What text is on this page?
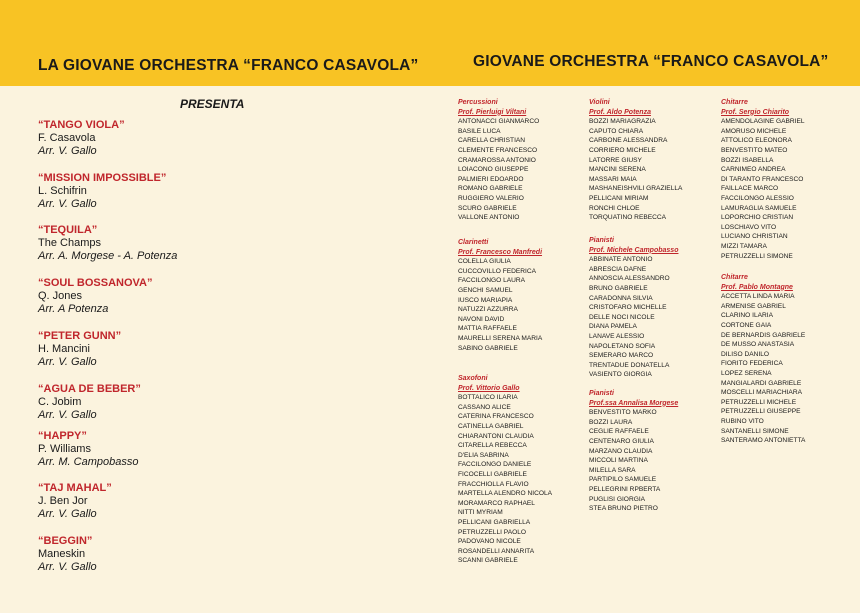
LA GIOVANE ORCHESTRA “FRANCO CASAVOLA”	GIOVANE ORCHESTRA “FRANCO CASAVOLA”
PRESENTA
“TANGO VIOLA”
F. Casavola
Arr. V. Gallo
“MISSION IMPOSSIBLE”
L. Schifrin
Arr. V. Gallo
“TEQUILA”
The Champs
Arr. A. Morgese - A. Potenza
“SOUL BOSSANOVA”
Q. Jones
Arr. A Potenza
“PETER GUNN”
H. Mancini
Arr. V. Gallo
“AGUA DE BEBER”
C. Jobim
Arr. V. Gallo
“HAPPY”
P. Williams
Arr. M. Campobasso
“TAJ MAHAL”
J. Ben Jor
Arr. V. Gallo
“BEGGIN”
Maneskin
Arr. V. Gallo
Percussioni
Prof. Pierluigi Viltani
ANTONACCI GIANMARCO
BASILE LUCA
CARELLA CHRISTIAN
CLEMENTE FRANCESCO
CRAMAROSSA ANTONIO
LOIACONO GIUSEPPE
PALMIERI EDOARDO
ROMANO GABRIELE
RUGGIERO VALERIO
SCURO GABRIELE
VALLONE ANTONIO
Clarinetti
Prof. Francesco Manfredi
COLELLA GIULIA
CUCCOVILLO FEDERICA
FACCILONGO LAURA
GENCHI SAMUEL
IUSCO MARIAPIA
NATUZZI AZZURRA
NAVONI DAVID
MATTIA RAFFAELE
MAURELLI SERENA MARIA
SABINO GABRIELE
Saxofoni
Prof. Vittorio Gallo
BOTTALICO ILARIA
CASSANO ALICE
CATERINA FRANCESCO
CATINELLA GABRIEL
CHIARANTONI CLAUDIA
CITARELLA REBECCA
D'ELIA SABRINA
FACCILONGO DANIELE
FICOCELLI GABRIELE
FRACCHIOLLA FLAVIO
MARTELLA ALENDRO NICOLA
MORAMARCO RAPHAEL
NITTI MYRIAM
PELLICANI GABRIELLA
PETRUZZELLI PAOLO
PADOVANO NICOLE
ROSANDELLI ANNARITA
SCANNI GABRIELE
Violini
Prof. Aldo Potenza
BOZZI MARIAGRAZIA
CAPUTO CHIARA
CARBONE ALESSANDRA
CORRIERO MICHELE
LATORRE GIUSY
MANCINI SERENA
MASSARI MAIA
MASHANEISHVILI GRAZIELLA
PELLICANI MIRIAM
RONCHI CHLOE
TORQUATINO REBECCA
Pianisti
Prof. Michele Campobasso
ABBINATE ANTONIO
ABRESCIA DAFNE
ANNOSCIA ALESSANDRO
BRUNO GABRIELE
CARADONNA SILVIA
CRISTOFARO MICHELLE
DELLE NOCI NICOLE
DIANA PAMELA
LANAVE ALESSIO
NAPOLETANO SOFIA
SEMERARO MARCO
TRENTADUE DONATELLA
VASIENTO GIORGIA
Pianisti
Prof.ssa Annalisa Morgese
BENVESTITO MARKO
BOZZI LAURA
CEGLIE RAFFAELE
CENTENARO GIULIA
MARZANO CLAUDIA
MICCOLI MARTINA
MILELLA SARA
PARTIPILO SAMUELE
PELLEGRINI RPBERTA
PUGLISI GIORGIA
STEA BRUNO PIETRO
Chitarre
Prof. Sergio Chiarito
AMENDOLAGINE GABRIEL
AMORUSO MICHELE
ATTOLICO ELEONORA
BENVESTITO MATEO
BOZZI ISABELLA
CARNIMEO ANDREA
DI TARANTO FRANCESCO
FAILLACE MARCO
FACCILONGO ALESSIO
LAMURAGLIA SAMUELE
LOPORCHIO CRISTIAN
LOSCHIAVO VITO
LUCIANO CHRISTIAN
MIZZI TAMARA
PETRUZZELLI SIMONE
Chitarre
Prof. Pablo Montagne
ACCETTA LINDA MARIA
ARMENISE GABRIEL
CLARINO ILARIA
CORTONE GAIA
DE BERNARDIS GABRIELE
DE MUSSO ANASTASIA
DILISO DANILO
FIORITO FEDERICA
LOPEZ SERENA
MANGIALARDI GABRIELE
MOSCELLI MARIACHIARA
PETRUZZELLI MICHELE
PETRUZZELLI GIUSEPPE
RUBINO VITO
SANTANELLI SIMONE
SANTERAMO ANTONIETTA
